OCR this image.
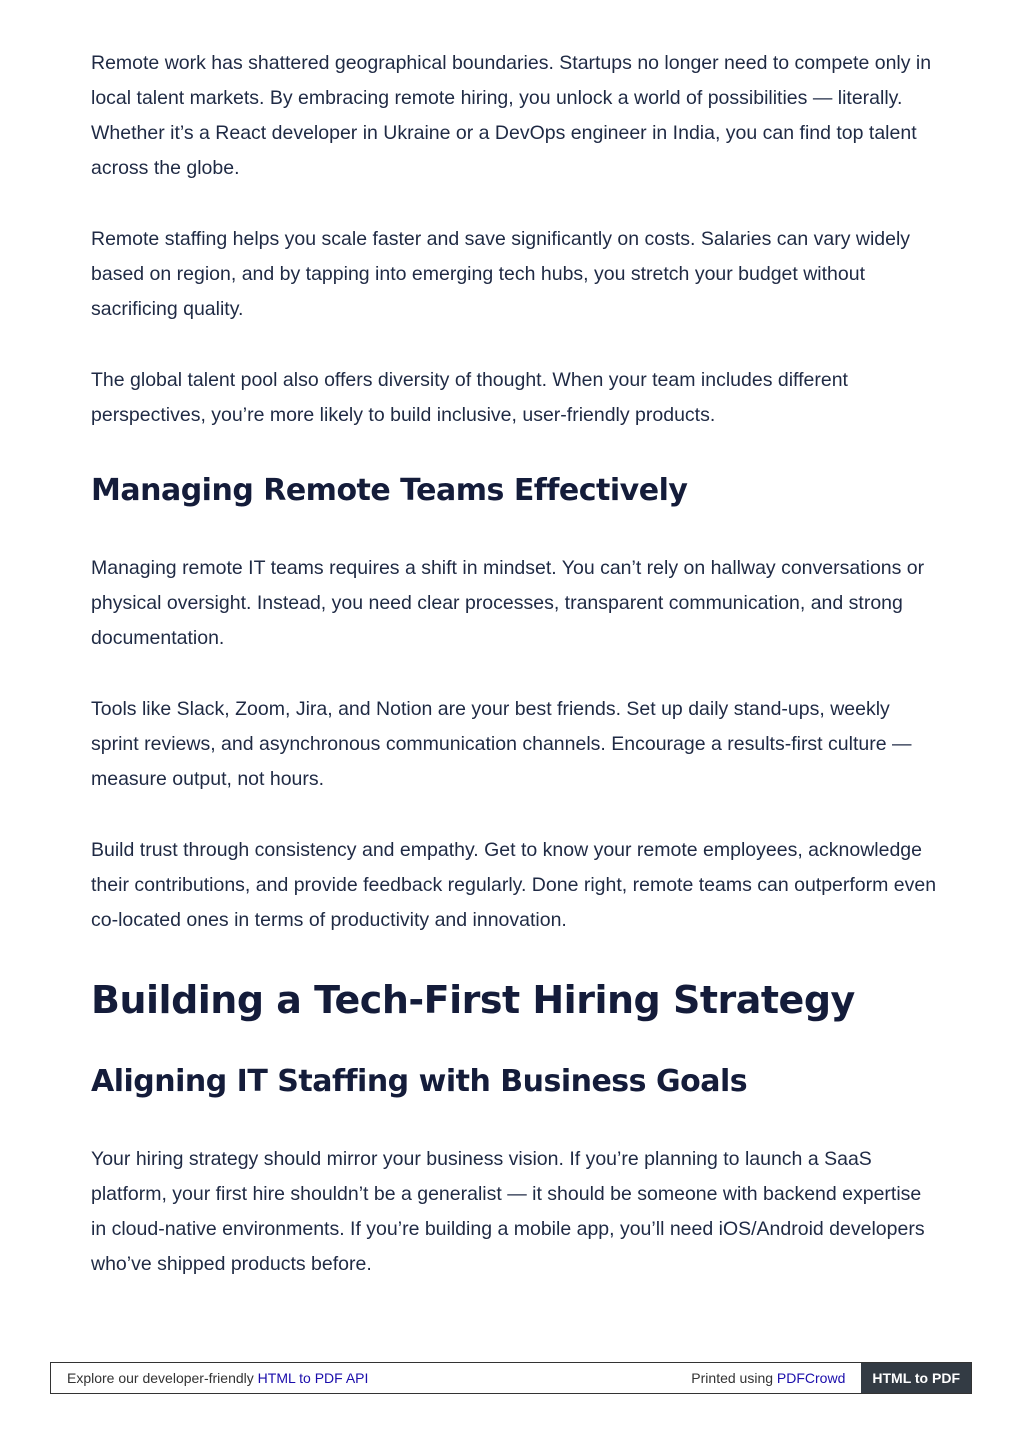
Remote work has shattered geographical boundaries. Startups no longer need to compete only in local talent markets. By embracing remote hiring, you unlock a world of possibilities — literally. Whether it’s a React developer in Ukraine or a DevOps engineer in India, you can find top talent across the globe.

Remote staffing helps you scale faster and save significantly on costs. Salaries can vary widely based on region, and by tapping into emerging tech hubs, you stretch your budget without sacrificing quality.

The global talent pool also offers diversity of thought. When your team includes different perspectives, you’re more likely to build inclusive, user-friendly products.

Managing Remote Teams Effectively

Managing remote IT teams requires a shift in mindset. You can’t rely on hallway conversations or physical oversight. Instead, you need clear processes, transparent communication, and strong documentation.

Tools like Slack, Zoom, Jira, and Notion are your best friends. Set up daily stand-ups, weekly sprint reviews, and asynchronous communication channels. Encourage a results-first culture — measure output, not hours.

Build trust through consistency and empathy. Get to know your remote employees, acknowledge their contributions, and provide feedback regularly. Done right, remote teams can outperform even co-located ones in terms of productivity and innovation.

Building a Tech-First Hiring Strategy
Aligning IT Staffing with Business Goals

Your hiring strategy should mirror your business vision. If you’re planning to launch a SaaS platform, your first hire shouldn’t be a generalist — it should be someone with backend expertise in cloud-native environments. If you’re building a mobile app, you’ll need iOS/Android developers who’ve shipped products before.

Explore our developer-friendly HTML to PDF API	Printed using PDFCrowd	HTML to PDF
